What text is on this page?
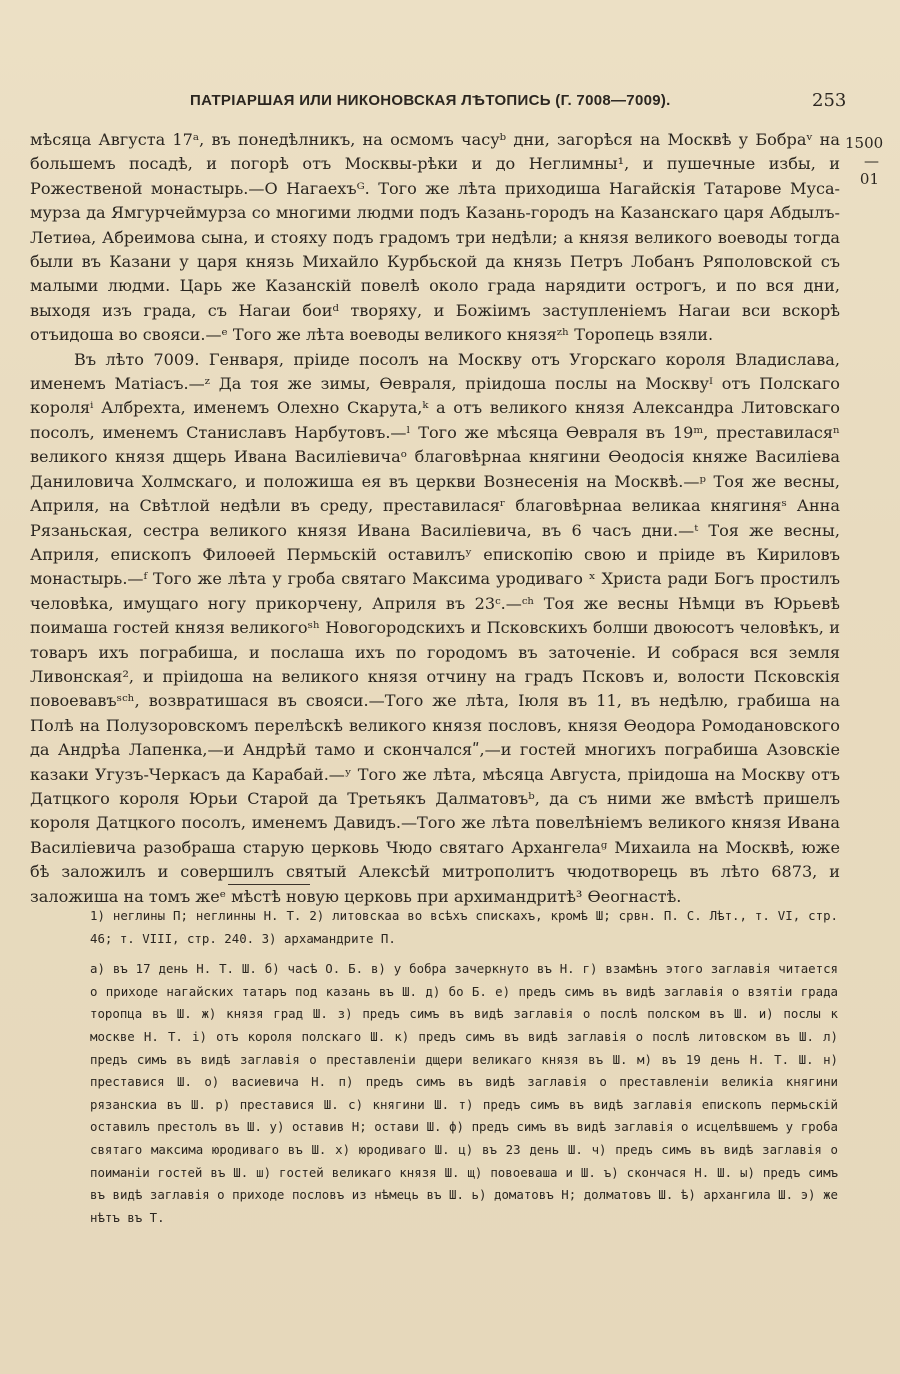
ПАТРІАРШАЯ ИЛИ НИКОНОВСКАЯ ЛѢТОПИСЬ (Г. 7008—7009).	253
1500
—01

мѣсяца Августа 17ᵃ, въ понедѣлникъ, на осмомъ часуᵇ дни, загорѣся на Москвѣ у Бобраᵛ на большемъ посадѣ, и погорѣ отъ Москвы-рѣки и до Неглимны¹, и пушечные избы, и Рожественой монастырь.—О Нагаехъᴳ. Того же лѣта приходиша Нагайскія Татарове Муса-мурза да Ямгурчеймурза со многими людми подъ Казань-городъ на Казанскаго царя Абдылъ-Летиѳа, Абреимова сына, и стояху подъ градомъ три недѣли; а князя великого воеводы тогда были въ Казани у царя князь Михайло Курбьской да князь Петръ Лобанъ Ряполовской съ малыми людми. Царь же Казанскій повелѣ около града нарядити острогъ, и по вся дни, выходя изъ града, съ Нагаи боиᵈ творяху, и Божіимъ заступленіемъ Нагаи вси вскорѣ отъидоша во свояси.—ᵉ Того же лѣта воеводы великого князяᶻʰ Торопець взяли.

Въ лѣто 7009. Генваря, пріиде посолъ на Москву отъ Угорскаго короля Владислава, именемъ Матіасъ.—ᶻ Да тоя же зимы, Ѳевраля, пріидоша послы на Москвуᴵ отъ Полскаго короляⁱ Албрехта, именемъ Олехно Скарута,ᵏ а отъ великого князя Александра Литовскаго посолъ, именемъ Станиславъ Нарбутовъ.—ˡ Того же мѣсяца Ѳевраля въ 19ᵐ, преставиласяⁿ великого князя дщерь Ивана Василіевичаᵒ благовѣрнаа княгини Ѳеодосія княже Василіева Даниловича Холмскаго, и положиша ея въ церкви Вознесенія на Москвѣ.—ᵖ Тоя же весны, Априля, на Свѣтлой недѣли въ среду, преставиласяʳ благовѣрнаа великаа княгиняˢ Анна Рязаньская, сестра великого князя Ивана Василіевича, въ 6 часъ дни.—ᵗ Тоя же весны, Априля, епископъ Филоѳей Пермьскій оставилъʸ епископію свою и пріиде въ Кириловъ монастырь.—ᶠ Того же лѣта у гроба святаго Максима уродиваго ˣ Христа ради Богъ простилъ человѣка, имущаго ногу прикорчену, Априля въ 23ᶜ.—ᶜʰ Тоя же весны Нѣмци въ Юрьевѣ поимаша гостей князя великогоˢʰ Новогородскихъ и Псковскихъ болши двоюсотъ человѣкъ, и товаръ ихъ пограбиша, и послаша ихъ по городомъ въ заточеніе. И собрася вся земля Ливонская², и пріидоша на великого князя отчину на градъ Псковъ и, волости Псковскія повоевавъˢᶜʰ, возвратишася въ свояси.—Того же лѣта, Іюля въ 11, въ недѣлю, грабиша на Полѣ на Полузоровскомъ перелѣскѣ великого князя пословъ, князя Ѳеодора Ромодановского да Андрѣа Лапенка,—и Андрѣй тамо и скончалсяʺ,—и гостей многихъ пограбиша Азовскіе казаки Угузъ-Черкасъ да Карабай.—ʸ Того же лѣта, мѣсяца Августа, пріидоша на Москву отъ Датцкого короля Юрьи Старой да Третьякъ Далматовъᵇ, да съ ними же вмѣстѣ пришелъ короля Датцкого посолъ, именемъ Давидъ.—Того же лѣта повелѣніемъ великого князя Ивана Василіевича разобраша старую церковь Чюдо святаго Архангелаᶢ Михаила на Москвѣ, юже бѣ заложилъ и совершилъ святый Алексѣй митрополитъ чюдотворець въ лѣто 6873, и заложиша на томъ жеᵉ мѣстѣ новую церковь при архимандритѣ³ Ѳеогнастѣ.

1) неглины П; неглинны Н. Т. 2) литовскаа во всѣхъ спискахъ, кромѣ Ш; срвн. П. С. Лѣт., т. VI, стр. 46; т. VIII, стр. 240. 3) архамандрите П.

а) въ 17 день Н. Т. Ш. б) часѣ О. Б. в) у бобра зачеркнуто въ Н. г) взамѣнъ этого заглавія читается о приходе нагайских татаръ под казань въ Ш. д) бо Б. е) предъ симъ въ видѣ заглавія о взятіи града торопца въ Ш. ж) князя град Ш. з) предъ симъ въ видѣ заглавія о послѣ полском въ Ш. и) послы к москве Н. Т. і) отъ короля полскаго Ш. к) предъ симъ въ видѣ заглавія о послѣ литовском въ Ш. л) предъ симъ въ видѣ заглавія о преставленіи дщери великаго князя въ Ш. м) въ 19 день Н. Т. Ш. н) преставися Ш. о) васиевича Н. п) предъ симъ въ видѣ заглавія о преставленіи великіа княгини рязанскиа въ Ш. р) преставися Ш. с) княгини Ш. т) предъ симъ въ видѣ заглавія епископъ пермьскій оставилъ престолъ въ Ш. у) оставив Н; остави Ш. ф) предъ симъ въ видѣ заглавія о исцелѣвшемъ у гроба святаго максима юродиваго въ Ш. х) юродиваго Ш. ц) въ 23 день Ш. ч) предъ симъ въ видѣ заглавія о поиманіи гостей въ Ш. ш) гостей великаго князя Ш. щ) повоеваша и Ш. ъ) скончася Н. Ш. ы) предъ симъ въ видѣ заглавія о приходе пословъ из нѣмець въ Ш. ь) доматовъ Н; долматовъ Ш. ѣ) архангила Ш. э) же нѣтъ въ Т.
